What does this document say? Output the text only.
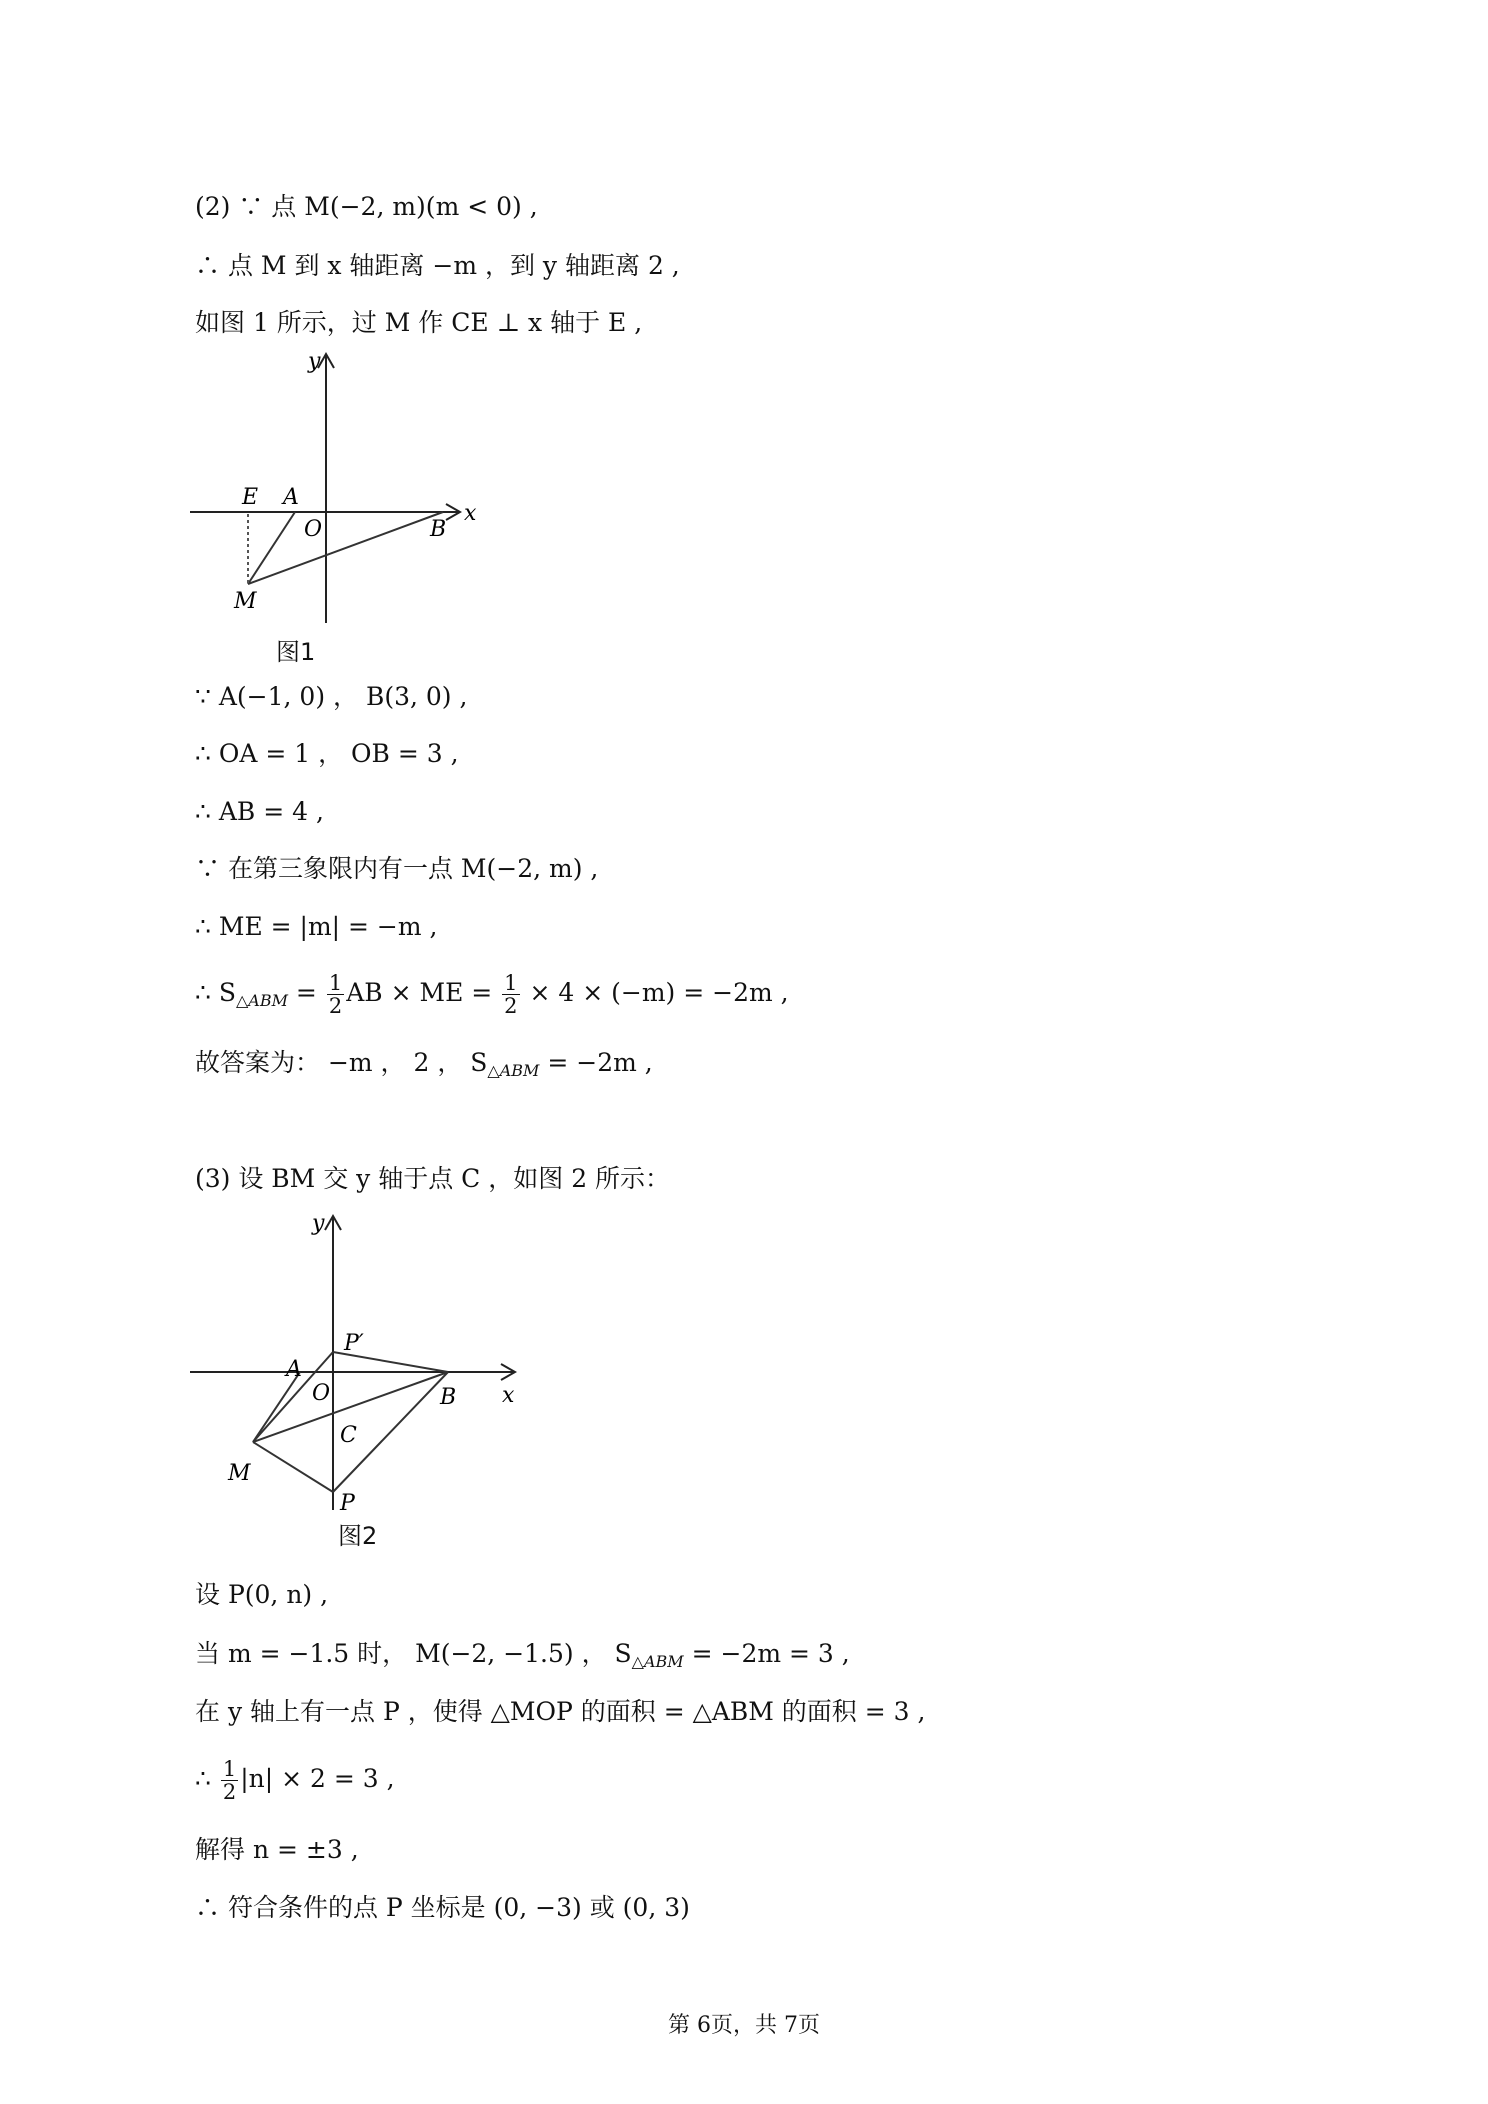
(2) ∵ 点 M(−2, m)(m < 0) ,
∴ 点 M 到 x 轴距离 −m ，到 y 轴距离 2 ,
如图 1 所示，过 M 作 CE ⊥ x 轴于 E ,
y
x
E A
O	B
M
图1
∵ A(−1, 0) ， B(3, 0) ,
∴ OA = 1 ， OB = 3 ,
∴ AB = 4 ,
∵ 在第三象限内有一点 M(−2, m) ,
∴ ME = |m| = −m ,
∴ $S_{\triangle ABM} = \frac{1}{2}$ AB × ME = $\frac{1}{2} \times 4 \times (-m) = -2m$ ,
故答案为： −m ， 2 ， $S_{\triangle ABM} = -2m$ ,
(3) 设 BM 交 y 轴于点 C ，如图 2 所示：
y
x
P′
A
O	B
C
M
P
图2
设 P(0, n) ,
当 m = −1.5 时， M(−2, −1.5) ， $S_{\triangle ABM} = -2m = 3$ ,
在 y 轴上有一点 P ，使得 △MOP 的面积 = △ABM 的面积 = 3 ,
∴ $\frac{1}{2} |n| \times 2 = 3$ ,
解得 n = ±3 ,
∴ 符合条件的点 P 坐标是 (0, −3) 或 (0, 3)
第 6页，共 7页
